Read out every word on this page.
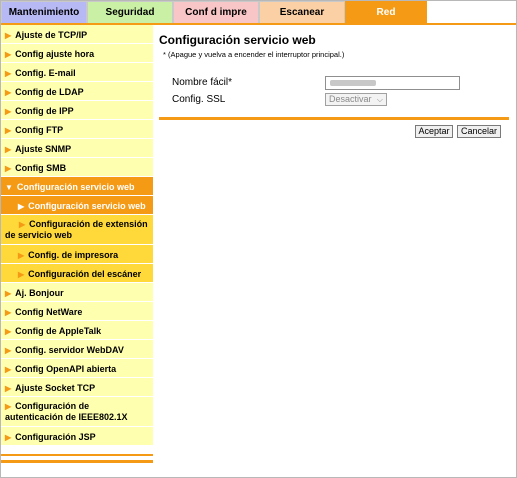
Mantenimiento	Seguridad	Conf d impre	Escanear	Red
▶ Ajuste de TCP/IP
▶ Config ajuste hora
▶ Config. E-mail
▶ Config de LDAP
▶ Config de IPP
▶ Config FTP
▶ Ajuste SNMP
▶ Config SMB
▼ Configuración servicio web
▶ Configuración servicio web
▶ Configuración de extensión de servicio web
▶ Config. de impresora
▶ Configuración del escáner
▶ Aj. Bonjour
▶ Config NetWare
▶ Config de AppleTalk
▶ Config. servidor WebDAV
▶ Config OpenAPI abierta
▶ Ajuste Socket TCP
▶ Configuración de autenticación de IEEE802.1X
▶ Configuración JSP
Configuración servicio web
* (Apague y vuelva a encender el interruptor principal.)
Nombre fácil*
Config. SSL	Desactivar ⌵
Aceptar	Cancelar
